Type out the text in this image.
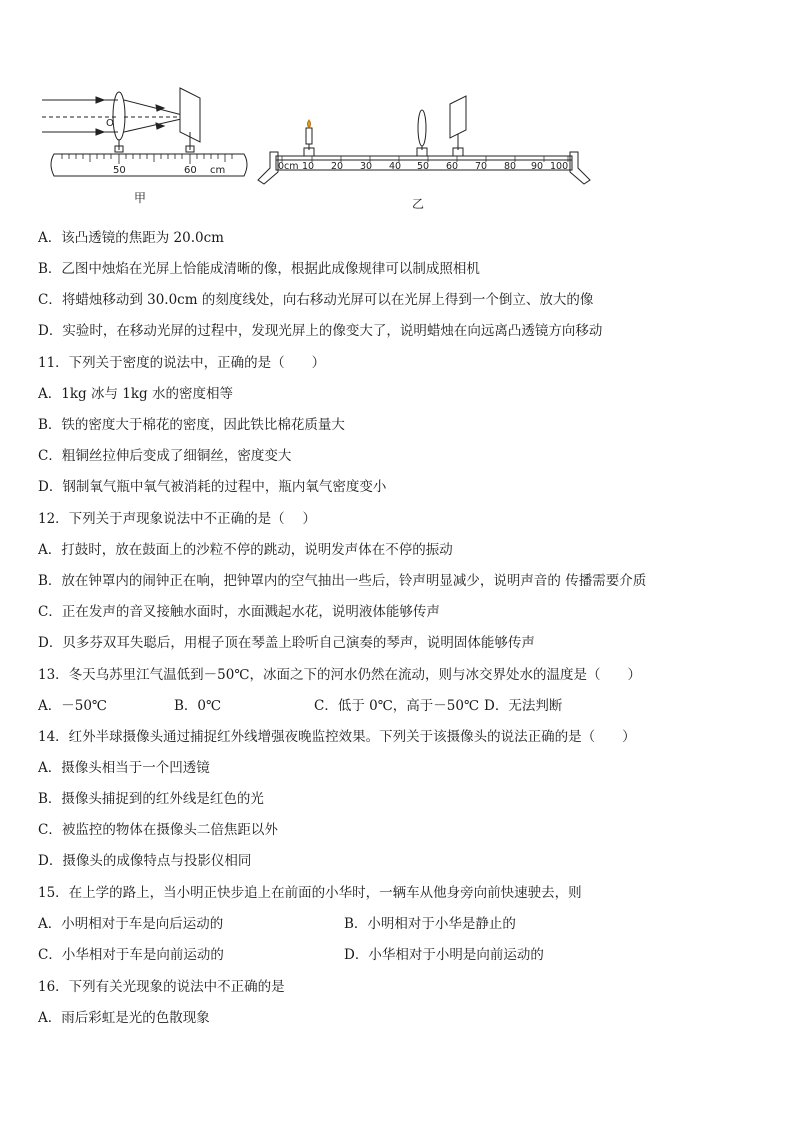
O
50	60 cm	0cm 10 20 30 40 50 60 70 80 90 100
甲	乙
A．该凸透镜的焦距为 20.0cm
B．乙图中烛焰在光屏上恰能成清晰的像，根据此成像规律可以制成照相机
C．将蜡烛移动到 30.0cm 的刻度线处，向右移动光屏可以在光屏上得到一个倒立、放大的像
D．实验时，在移动光屏的过程中，发现光屏上的像变大了，说明蜡烛在向远离凸透镜方向移动
11．下列关于密度的说法中，正确的是（　　）
A．1kg 冰与 1kg 水的密度相等
B．铁的密度大于棉花的密度，因此铁比棉花质量大
C．粗铜丝拉伸后变成了细铜丝，密度变大
D．钢制氧气瓶中氧气被消耗的过程中，瓶内氧气密度变小
12．下列关于声现象说法中不正确的是（　 ）
A．打鼓时，放在鼓面上的沙粒不停的跳动，说明发声体在不停的振动
B．放在钟罩内的闹钟正在响，把钟罩内的空气抽出一些后，铃声明显减少，说明声音的 传播需要介质
C．正在发声的音叉接触水面时，水面溅起水花，说明液体能够传声
D．贝多芬双耳失聪后，用棍子顶在琴盖上聆听自己演奏的琴声，说明固体能够传声
13．冬天乌苏里江气温低到－50℃，冰面之下的河水仍然在流动，则与冰交界处水的温度是（　　）
A．－50℃	B．0℃	C．低于 0℃，高于－50℃ D．无法判断
14．红外半球摄像头通过捕捉红外线增强夜晚监控效果。下列关于该摄像头的说法正确的是（　　）
A．摄像头相当于一个凹透镜
B．摄像头捕捉到的红外线是红色的光
C．被监控的物体在摄像头二倍焦距以外
D．摄像头的成像特点与投影仪相同
15．在上学的路上，当小明正快步追上在前面的小华时，一辆车从他身旁向前快速驶去，则
A．小明相对于车是向后运动的	B．小明相对于小华是静止的
C．小华相对于车是向前运动的	D．小华相对于小明是向前运动的
16．下列有关光现象的说法中不正确的是
A．雨后彩虹是光的色散现象
